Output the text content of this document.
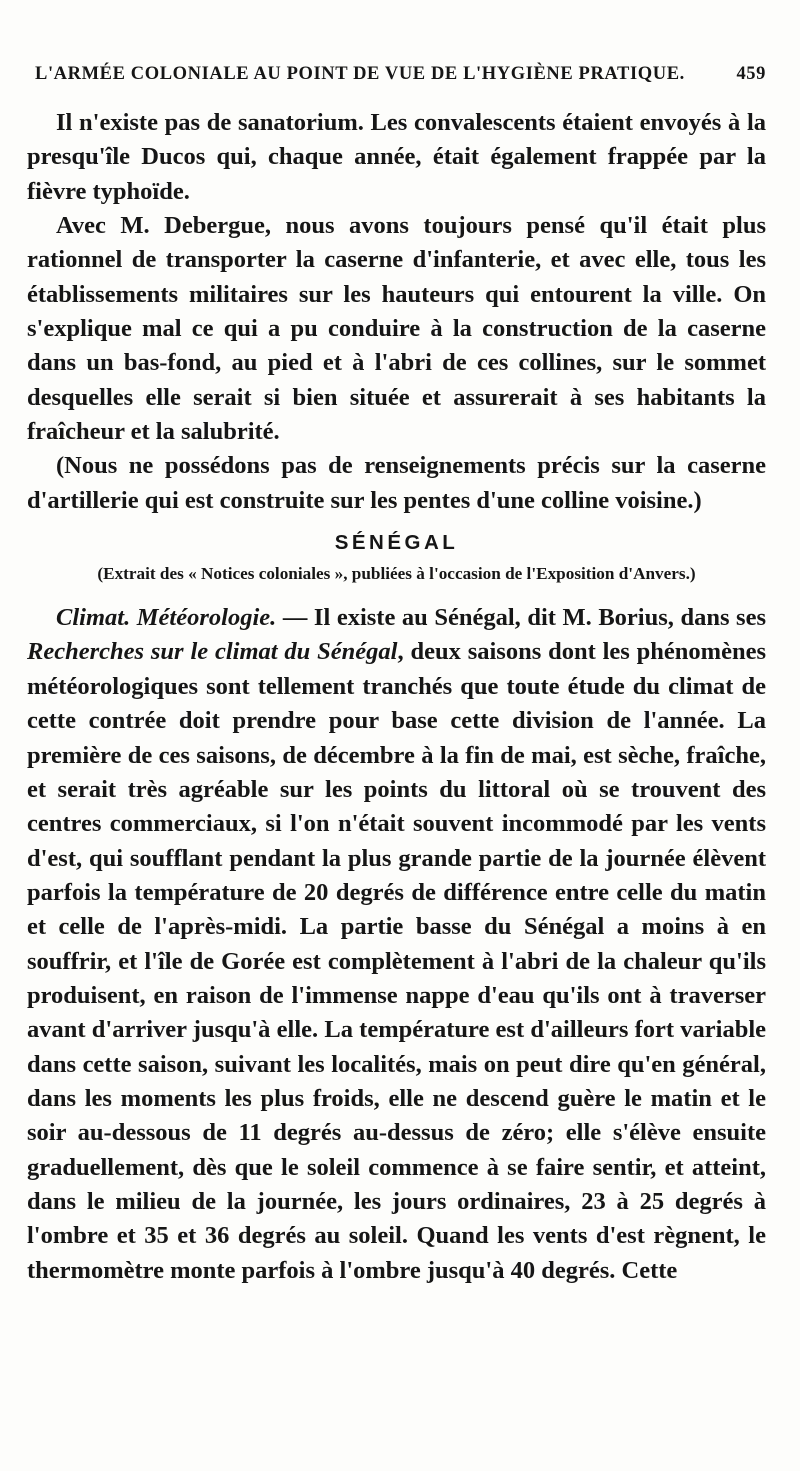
L'ARMÉE COLONIALE AU POINT DE VUE DE L'HYGIÈNE PRATIQUE.	459

Il n'existe pas de sanatorium. Les convalescents étaient envoyés à la presqu'île Ducos qui, chaque année, était également frappée par la fièvre typhoïde.

Avec M. Debergue, nous avons toujours pensé qu'il était plus rationnel de transporter la caserne d'infanterie, et avec elle, tous les établissements militaires sur les hauteurs qui entourent la ville. On s'explique mal ce qui a pu conduire à la construction de la caserne dans un bas-fond, au pied et à l'abri de ces collines, sur le sommet desquelles elle serait si bien située et assurerait à ses habitants la fraîcheur et la salubrité.

(Nous ne possédons pas de renseignements précis sur la caserne d'artillerie qui est construite sur les pentes d'une colline voisine.)

SÉNÉGAL
(Extrait des « Notices coloniales », publiées à l'occasion de l'Exposition d'Anvers.)

Climat. Météorologie. — Il existe au Sénégal, dit M. Borius, dans ses Recherches sur le climat du Sénégal, deux saisons dont les phénomènes météorologiques sont tellement tranchés que toute étude du climat de cette contrée doit prendre pour base cette division de l'année. La première de ces saisons, de décembre à la fin de mai, est sèche, fraîche, et serait très agréable sur les points du littoral où se trouvent des centres commerciaux, si l'on n'était souvent incommodé par les vents d'est, qui soufflant pendant la plus grande partie de la journée élèvent parfois la température de 20 degrés de différence entre celle du matin et celle de l'après-midi. La partie basse du Sénégal a moins à en souffrir, et l'île de Gorée est complètement à l'abri de la chaleur qu'ils produisent, en raison de l'immense nappe d'eau qu'ils ont à traverser avant d'arriver jusqu'à elle. La température est d'ailleurs fort variable dans cette saison, suivant les localités, mais on peut dire qu'en général, dans les moments les plus froids, elle ne descend guère le matin et le soir au-dessous de 11 degrés au-dessus de zéro; elle s'élève ensuite graduellement, dès que le soleil commence à se faire sentir, et atteint, dans le milieu de la journée, les jours ordinaires, 23 à 25 degrés à l'ombre et 35 et 36 degrés au soleil. Quand les vents d'est règnent, le thermomètre monte parfois à l'ombre jusqu'à 40 degrés. Cette
